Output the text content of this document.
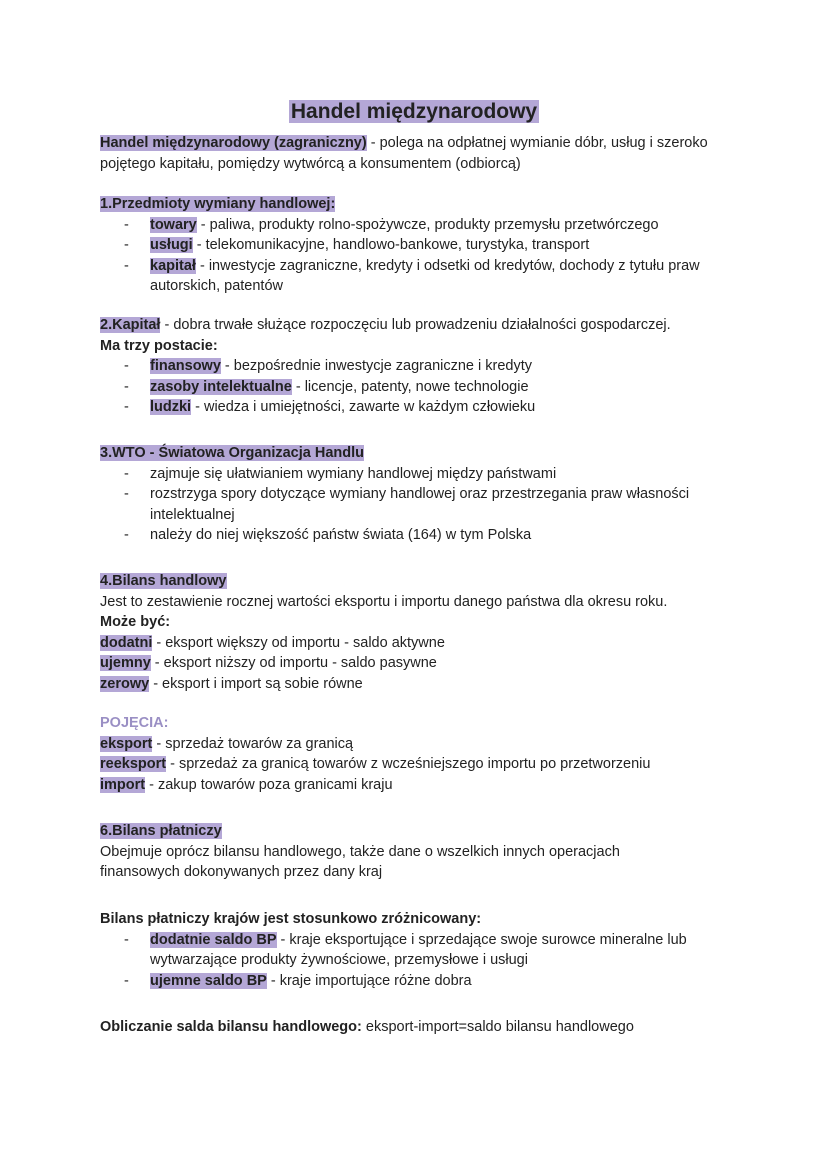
Handel międzynarodowy

Handel międzynarodowy (zagraniczny) - polega na odpłatnej wymianie dóbr, usług i szeroko pojętego kapitału, pomiędzy wytwórcą a konsumentem (odbiorcą)

1.Przedmioty wymiany handlowej:

- towary - paliwa, produkty rolno-spożywcze, produkty przemysłu przetwórczego
- usługi - telekomunikacyjne, handlowo-bankowe, turystyka, transport
- kapitał - inwestycje zagraniczne, kredyty i odsetki od kredytów, dochody z tytułu praw autorskich, patentów

2.Kapitał - dobra trwałe służące rozpoczęciu lub prowadzeniu działalności gospodarczej.

Ma trzy postacie:

- finansowy - bezpośrednie inwestycje zagraniczne i kredyty
- zasoby intelektualne - licencje, patenty, nowe technologie
- ludzki - wiedza i umiejętności, zawarte w każdym człowieku

3.WTO - Światowa Organizacja Handlu

- zajmuje się ułatwianiem wymiany handlowej między państwami
- rozstrzyga spory dotyczące wymiany handlowej oraz przestrzegania praw własności intelektualnej
- należy do niej większość państw świata (164) w tym Polska

4.Bilans handlowy

Jest to zestawienie rocznej wartości eksportu i importu danego państwa dla okresu roku.

Może być:

dodatni - eksport większy od importu - saldo aktywne

ujemny - eksport niższy od importu - saldo pasywne

zerowy - eksport i import są sobie równe

POJĘCIA:

eksport - sprzedaż towarów za granicą

reeksport - sprzedaż za granicą towarów z wcześniejszego importu po przetworzeniu

import - zakup towarów poza granicami kraju

6.Bilans płatniczy

Obejmuje oprócz bilansu handlowego, także dane o wszelkich innych operacjach finansowych dokonywanych przez dany kraj

Bilans płatniczy krajów jest stosunkowo zróżnicowany:

- dodatnie saldo BP - kraje eksportujące i sprzedające swoje surowce mineralne lub wytwarzające produkty żywnościowe, przemysłowe i usługi
- ujemne saldo BP - kraje importujące różne dobra

Obliczanie salda bilansu handlowego: eksport-import=saldo bilansu handlowego
